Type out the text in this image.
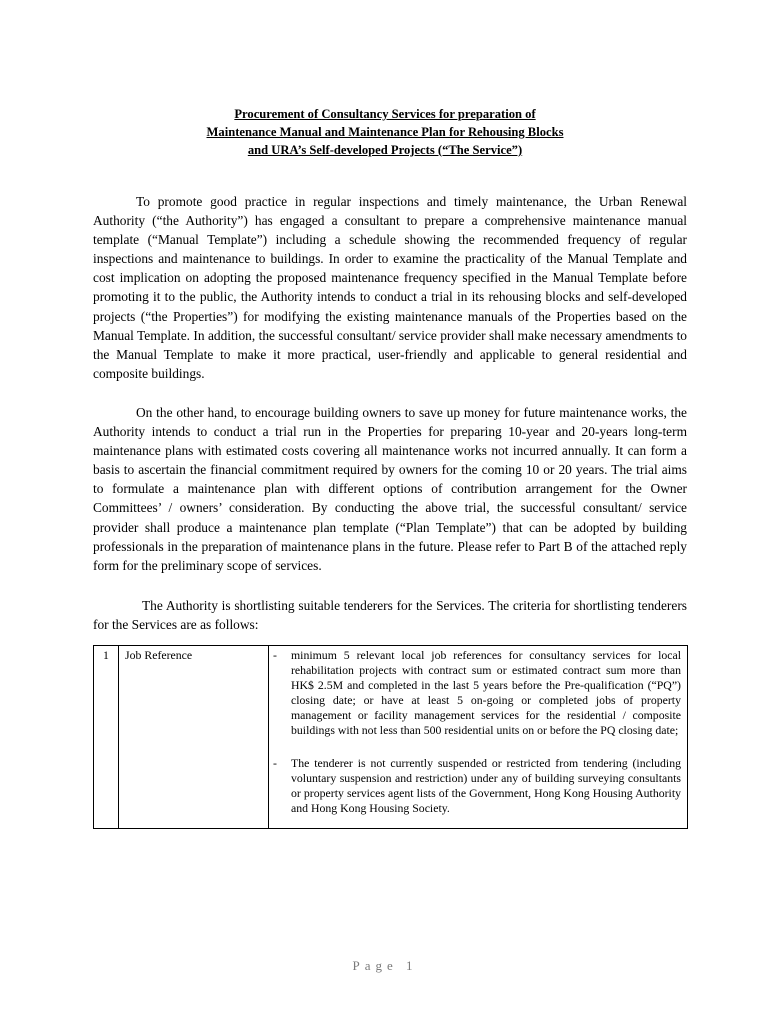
Procurement of Consultancy Services for preparation of
Maintenance Manual and Maintenance Plan for Rehousing Blocks
and URA’s Self-developed Projects (“The Service”)

To promote good practice in regular inspections and timely maintenance, the Urban Renewal Authority (“the Authority”) has engaged a consultant to prepare a comprehensive maintenance manual template (“Manual Template”) including a schedule showing the recommended frequency of regular inspections and maintenance to buildings. In order to examine the practicality of the Manual Template and cost implication on adopting the proposed maintenance frequency specified in the Manual Template before promoting it to the public, the Authority intends to conduct a trial in its rehousing blocks and self-developed projects (“the Properties”) for modifying the existing maintenance manuals of the Properties based on the Manual Template. In addition, the successful consultant/ service provider shall make necessary amendments to the Manual Template to make it more practical, user-friendly and applicable to general residential and composite buildings.

On the other hand, to encourage building owners to save up money for future maintenance works, the Authority intends to conduct a trial run in the Properties for preparing 10-year and 20-years long-term maintenance plans with estimated costs covering all maintenance works not incurred annually. It can form a basis to ascertain the financial commitment required by owners for the coming 10 or 20 years. The trial aims to formulate a maintenance plan with different options of contribution arrangement for the Owner Committees’ / owners’ consideration. By conducting the above trial, the successful consultant/ service provider shall produce a maintenance plan template (“Plan Template”) that can be adopted by building professionals in the preparation of maintenance plans in the future. Please refer to Part B of the attached reply form for the preliminary scope of services.

The Authority is shortlisting suitable tenderers for the Services. The criteria for shortlisting tenderers for the Services are as follows:

1	Job Reference	-	minimum 5 relevant local job references for consultancy services for local rehabilitation projects with contract sum or estimated contract sum more than HK$ 2.5M and completed in the last 5 years before the Pre-qualification (“PQ”) closing date; or have at least 5 on-going or completed jobs of property management or facility management services for the residential / composite buildings with not less than 500 residential units on or before the PQ closing date;
-	The tenderer is not currently suspended or restricted from tendering (including voluntary suspension and restriction) under any of building surveying consultants or property services agent lists of the Government, Hong Kong Housing Authority and Hong Kong Housing Society.
Page 1
